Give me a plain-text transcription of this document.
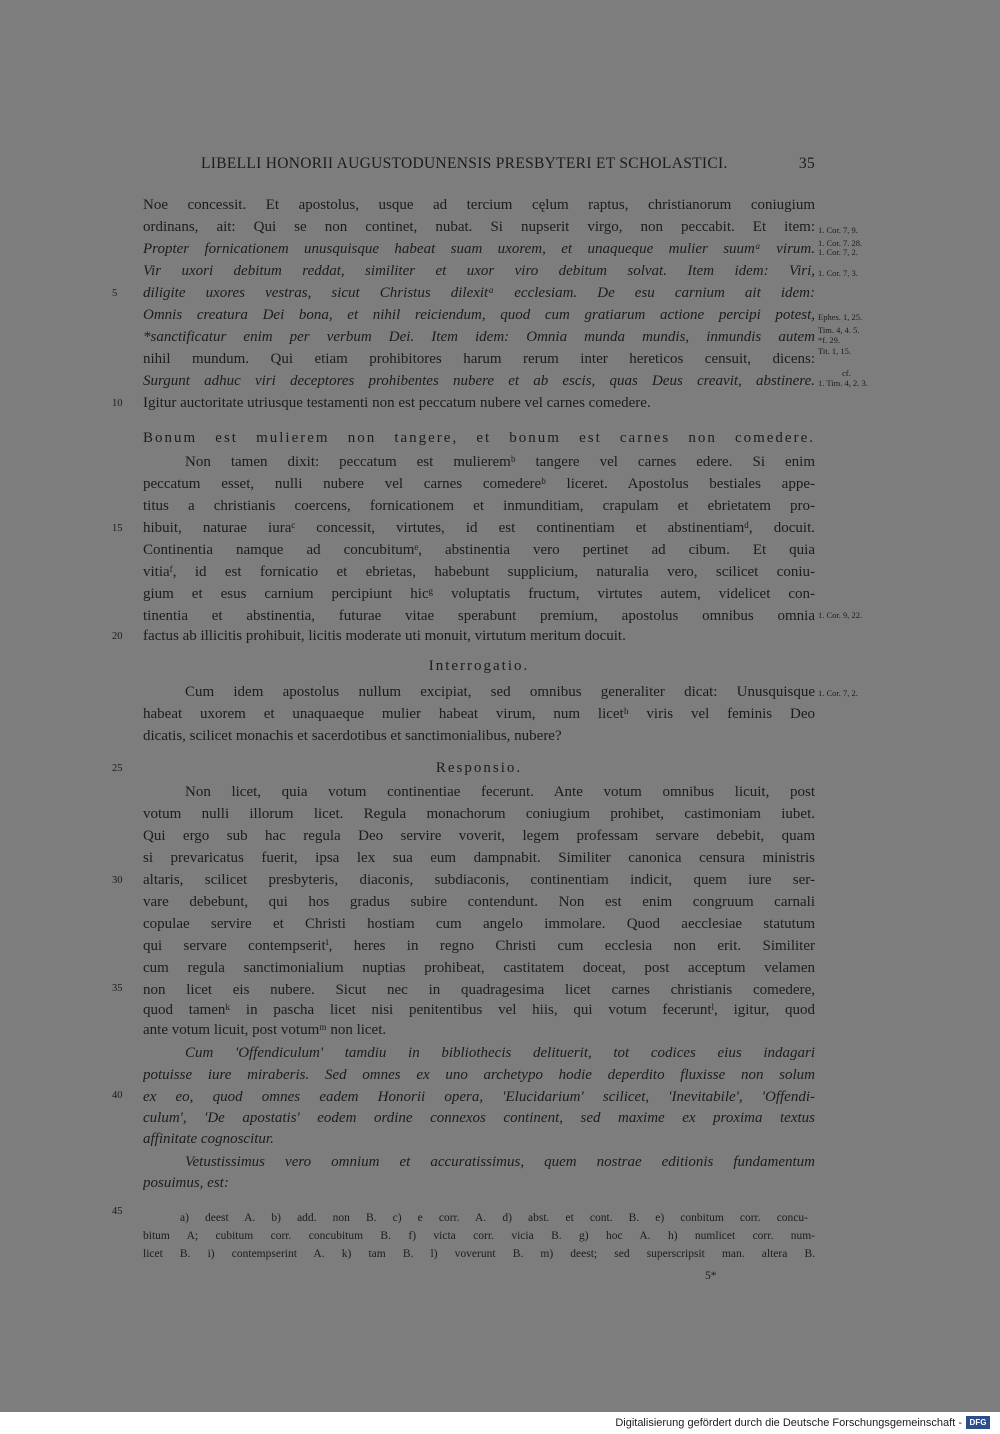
LIBELLI HONORII AUGUSTODUNENSIS PRESBYTERI ET SCHOLASTICI.	35
Noe concessit. Et apostolus, usque ad tercium cęlum raptus, christianorum coniugium
ordinans, ait: Qui se non continet, nubat. Si nupserit virgo, non peccabit. Et item:
Propter fornicationem unusquisque habeat suam uxorem, et unaqueque mulier suumᵃ virum.
Vir uxori debitum reddat, similiter et uxor viro debitum solvat. Item idem: Viri,
diligite uxores vestras, sicut Christus dilexitᵃ ecclesiam. De esu carnium ait idem:
Omnis creatura Dei bona, et nihil reiciendum, quod cum gratiarum actione percipi potest,
*sanctificatur enim per verbum Dei. Item idem: Omnia munda mundis, inmundis autem
nihil mundum. Qui etiam prohibitores harum rerum inter hereticos censuit, dicens:
Surgunt adhuc viri deceptores prohibentes nubere et ab escis, quas Deus creavit, abstinere.
Igitur auctoritate utriusque testamenti non est peccatum nubere vel carnes comedere.
Bonum est mulierem non tangere, et bonum est carnes non comedere.
Non tamen dixit: peccatum est mulieremᵇ tangere vel carnes edere. Si enim
peccatum esset, nulli nubere vel carnes comedereᵇ liceret. Apostolus bestiales appe-
titus a christianis coercens, fornicationem et inmunditiam, crapulam et ebrietatem pro-
hibuit, naturae iuraᶜ concessit, virtutes, id est continentiam et abstinentiamᵈ, docuit.
Continentia namque ad concubitumᵉ, abstinentia vero pertinet ad cibum. Et quia
vitiaᶠ, id est fornicatio et ebrietas, habebunt supplicium, naturalia vero, scilicet coniu-
gium et esus carnium percipiunt hicᵍ voluptatis fructum, virtutes autem, videlicet con-
tinentia et abstinentia, futurae vitae sperabunt premium, apostolus omnibus omnia
factus ab illicitis prohibuit, licitis moderate uti monuit, virtutum meritum docuit.
Interrogatio.
Cum idem apostolus nullum excipiat, sed omnibus generaliter dicat: Unusquisque
habeat uxorem et unaquaeque mulier habeat virum, num licetʰ viris vel feminis Deo
dicatis, scilicet monachis et sacerdotibus et sanctimonialibus, nubere?
Responsio.
Non licet, quia votum continentiae fecerunt. Ante votum omnibus licuit, post
votum nulli illorum licet. Regula monachorum coniugium prohibet, castimoniam iubet.
Qui ergo sub hac regula Deo servire voverit, legem professam servare debebit, quam
si prevaricatus fuerit, ipsa lex sua eum dampnabit. Similiter canonica censura ministris
altaris, scilicet presbyteris, diaconis, subdiaconis, continentiam indicit, quem iure ser-
vare debebunt, qui hos gradus subire contendunt. Non est enim congruum carnali
copulae servire et Christi hostiam cum angelo immolare. Quod aecclesiae statutum
qui servare contempseritⁱ, heres in regno Christi cum ecclesia non erit. Similiter
cum regula sanctimonialium nuptias prohibeat, castitatem doceat, post acceptum velamen
non licet eis nubere. Sicut nec in quadragesima licet carnes christianis comedere,
quod tamenᵏ in pascha licet nisi penitentibus vel hiis, qui votum feceruntˡ, igitur, quod
ante votum licuit, post votumᵐ non licet.
Cum 'Offendiculum' tamdiu in bibliothecis delituerit, tot codices eius indagari
potuisse iure miraberis. Sed omnes ex uno archetypo hodie deperdito fluxisse non solum
ex eo, quod omnes eadem Honorii opera, 'Elucidarium' scilicet, 'Inevitabile', 'Offendi-
culum', 'De apostatis' eodem ordine connexos continent, sed maxime ex proxima textus
affinitate cognoscitur.
Vetustissimus vero omnium et accuratissimus, quem nostrae editionis fundamentum
posuimus, est:
a) deest A. b) add. non B. c) e corr. A. d) abst. et cont. B. e) conbitum corr. concu-
bitum A; cubitum corr. concubitum B. f) victa corr. vicia B. g) hoc A. h) numlicet corr. num-
licet B. i) contempserint A. k) tam B. l) voverunt B. m) deest; sed superscripsit man. altera B.
5*
5
10
15
20
25
30
35
40
45
1. Cor. 7, 9.
1. Cor. 7. 28.
1. Cor. 7, 2.
1. Cor. 7, 3.
Ephes. 1, 25.
Tim. 4, 4. 5.
*f. 29.
Tit. 1, 15.
cf.
1. Tim. 4, 2. 3.
1. Cor. 9, 22.
1. Cor. 7, 2.
Digitalisierung gefördert durch die Deutsche Forschungsgemeinschaft - DFG
